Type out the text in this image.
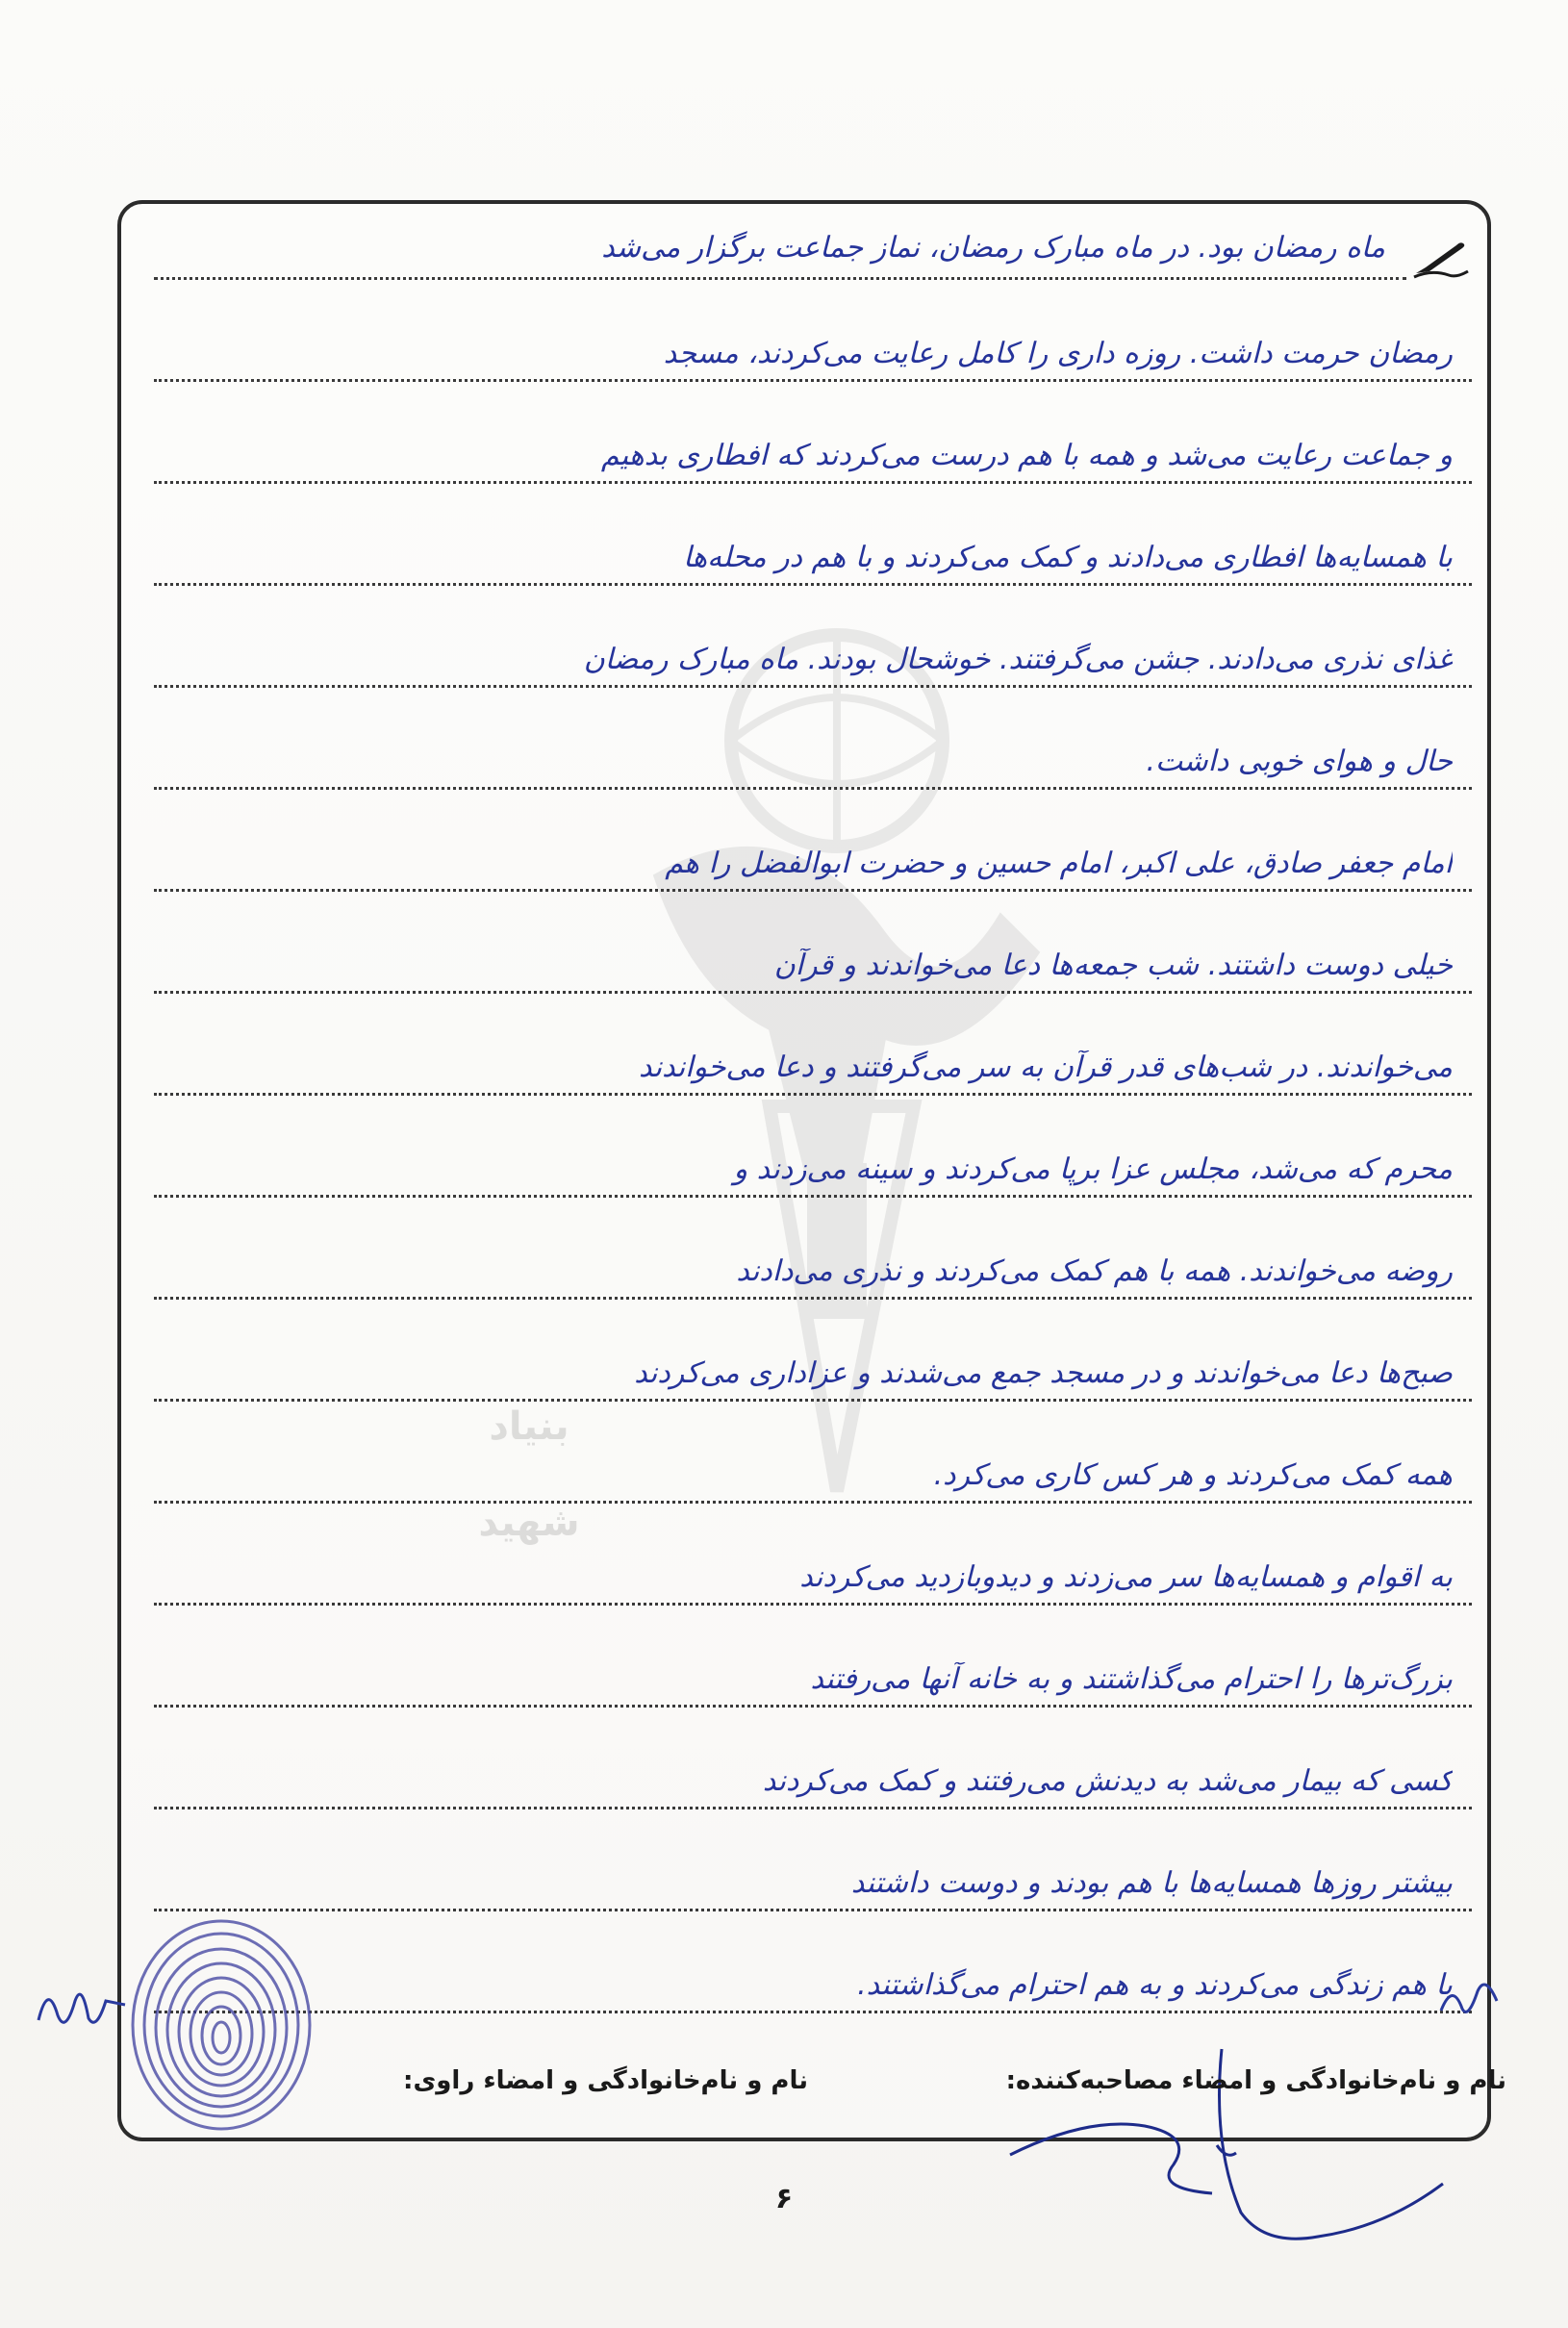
بنیاد
شهید
ماه رمضان بود. در ماه مبارک رمضان، نماز جماعت برگزار می‌شد
رمضان حرمت داشت. روزه داری را کامل رعایت می‌کردند، مسجد
و جماعت رعایت می‌شد و همه با هم درست می‌کردند که افطاری بدهیم
با همسایه‌ها افطاری می‌دادند و کمک می‌کردند و با هم در محله‌ها
غذای نذری می‌دادند. جشن می‌گرفتند. خوشحال بودند. ماه مبارک رمضان
حال و هوای خوبی داشت.
امام جعفر صادق، علی اکبر، امام حسین و حضرت ابوالفضل را هم
خیلی دوست داشتند. شب جمعه‌ها دعا می‌خواندند و قرآن
می‌خواندند. در شب‌های قدر قرآن به سر می‌گرفتند و دعا می‌خواندند
محرم که می‌شد، مجلس عزا برپا می‌کردند و سینه می‌زدند و
روضه می‌خواندند. همه با هم کمک می‌کردند و نذری می‌دادند
صبح‌ها دعا می‌خواندند و در مسجد جمع می‌شدند و عزاداری می‌کردند
همه کمک می‌کردند و هر کس کاری می‌کرد.
به اقوام و همسایه‌ها سر می‌زدند و دیدوبازدید می‌کردند
بزرگ‌ترها را احترام می‌گذاشتند و به خانه آنها می‌رفتند
کسی که بیمار می‌شد به دیدنش می‌رفتند و کمک می‌کردند
بیشتر روزها همسایه‌ها با هم بودند و دوست داشتند
با هم زندگی می‌کردند و به هم احترام می‌گذاشتند.
نام و نام‌خانوادگی و امضاء مصاحبه‌کننده:
نام و نام‌خانوادگی و امضاء راوی:
۶
